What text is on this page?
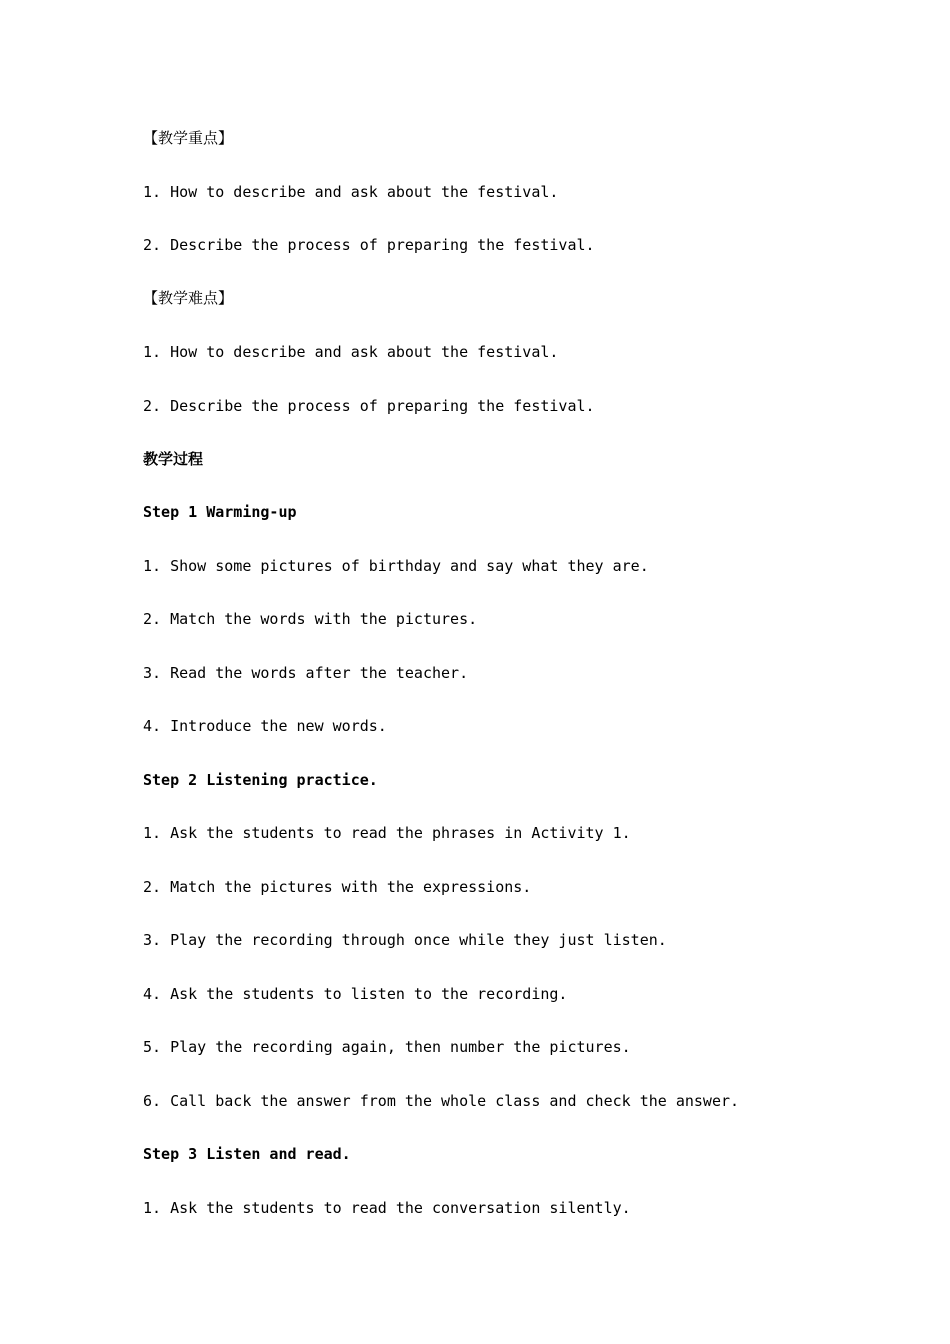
【教学重点】
1. How to describe and ask about the festival.
2. Describe the process of preparing the festival.
【教学难点】
1. How to describe and ask about the festival.
2. Describe the process of preparing the festival.
教学过程
Step 1 Warming-up
1. Show some pictures of birthday and say what they are.
2. Match the words with the pictures.
3. Read the words after the teacher.
4. Introduce the new words.
Step 2 Listening practice.
1. Ask the students to read the phrases in Activity 1.
2. Match the pictures with the expressions.
3. Play the recording through once while they just listen.
4. Ask the students to listen to the recording.
5. Play the recording again, then number the pictures.
6. Call back the answer from the whole class and check the answer.
Step 3 Listen and read.
1. Ask the students to read the conversation silently.
